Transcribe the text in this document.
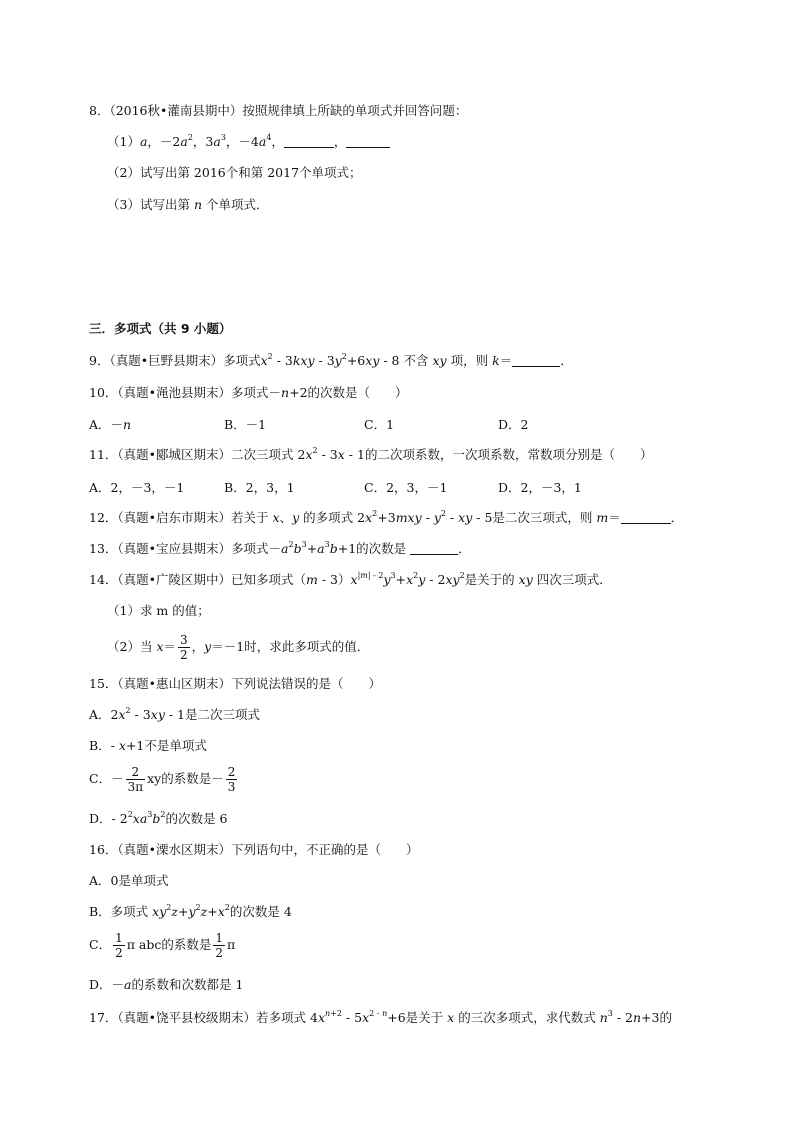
8．（2016秋•灌南县期中）按照规律填上所缺的单项式并回答问题：
（1）a，$-2a^2$，$3a^3$，$-4a^4$，	，
（2）试写出第 2016个和第 2017个单项式；
（3）试写出第 n 个单项式．
三．多项式（共 9 小题）
9．（真题•巨野县期末）多项式$x^2 - 3kxy - 3y^2+6xy - 8$ 不含 xy 项，则 k＝	．
10．（真题•渑池县期末）多项式－n+2的次数是（　　）
A．－n	B．－1	C．1	D．2
11．（真题•郾城区期末）二次三项式 $2x^2 - 3x - 1$的二次项系数，一次项系数，常数项分别是（　　）
A．2，－3，－1	B．2，3，1	C．2，3，－1	D．2，－3，1
12．（真题•启东市期末）若关于 x、y 的多项式 $2x^2+3mxy - y^2$ - xy - 5是二次三项式，则 m＝	．
13．（真题•宝应县期末）多项式$-a^2b^3+a^3b+1$的次数是	．
14．（真题•广陵区期中）已知多项式$(m - 3)x^{|m| - 2}y^3+x^2y - 2xy^2$是关于的 xy 四次三项式．
（1）求 m 的值；
（2）当 $x= \frac{3}{2}$ ，y＝－1时，求此多项式的值．
15．（真题•惠山区期末）下列说法错误的是（　　）
A．$2x^2 - 3xy - 1$是二次三项式
B．- x+1不是单项式
C．－ $\frac{2}{3\pi}$ xy的系数是－ $\frac{2}{3}$
D．- $2^2xa^3b^2$的次数是 6
16．（真题•溧水区期末）下列语句中，不正确的是（　　）
A．0是单项式
B．多项式 $xy^2z+y^2z+x^2$的次数是 4
C． $\frac{1}{2}$ π abc的系数是 $\frac{1}{2}$ π
D．－a的系数和次数都是 1
17．（真题•饶平县校级期末）若多项式 $4x^{n+2} - 5x^{2 - n}+6$是关于 x 的三次多项式，求代数式 $n^3 - 2n+3$的
